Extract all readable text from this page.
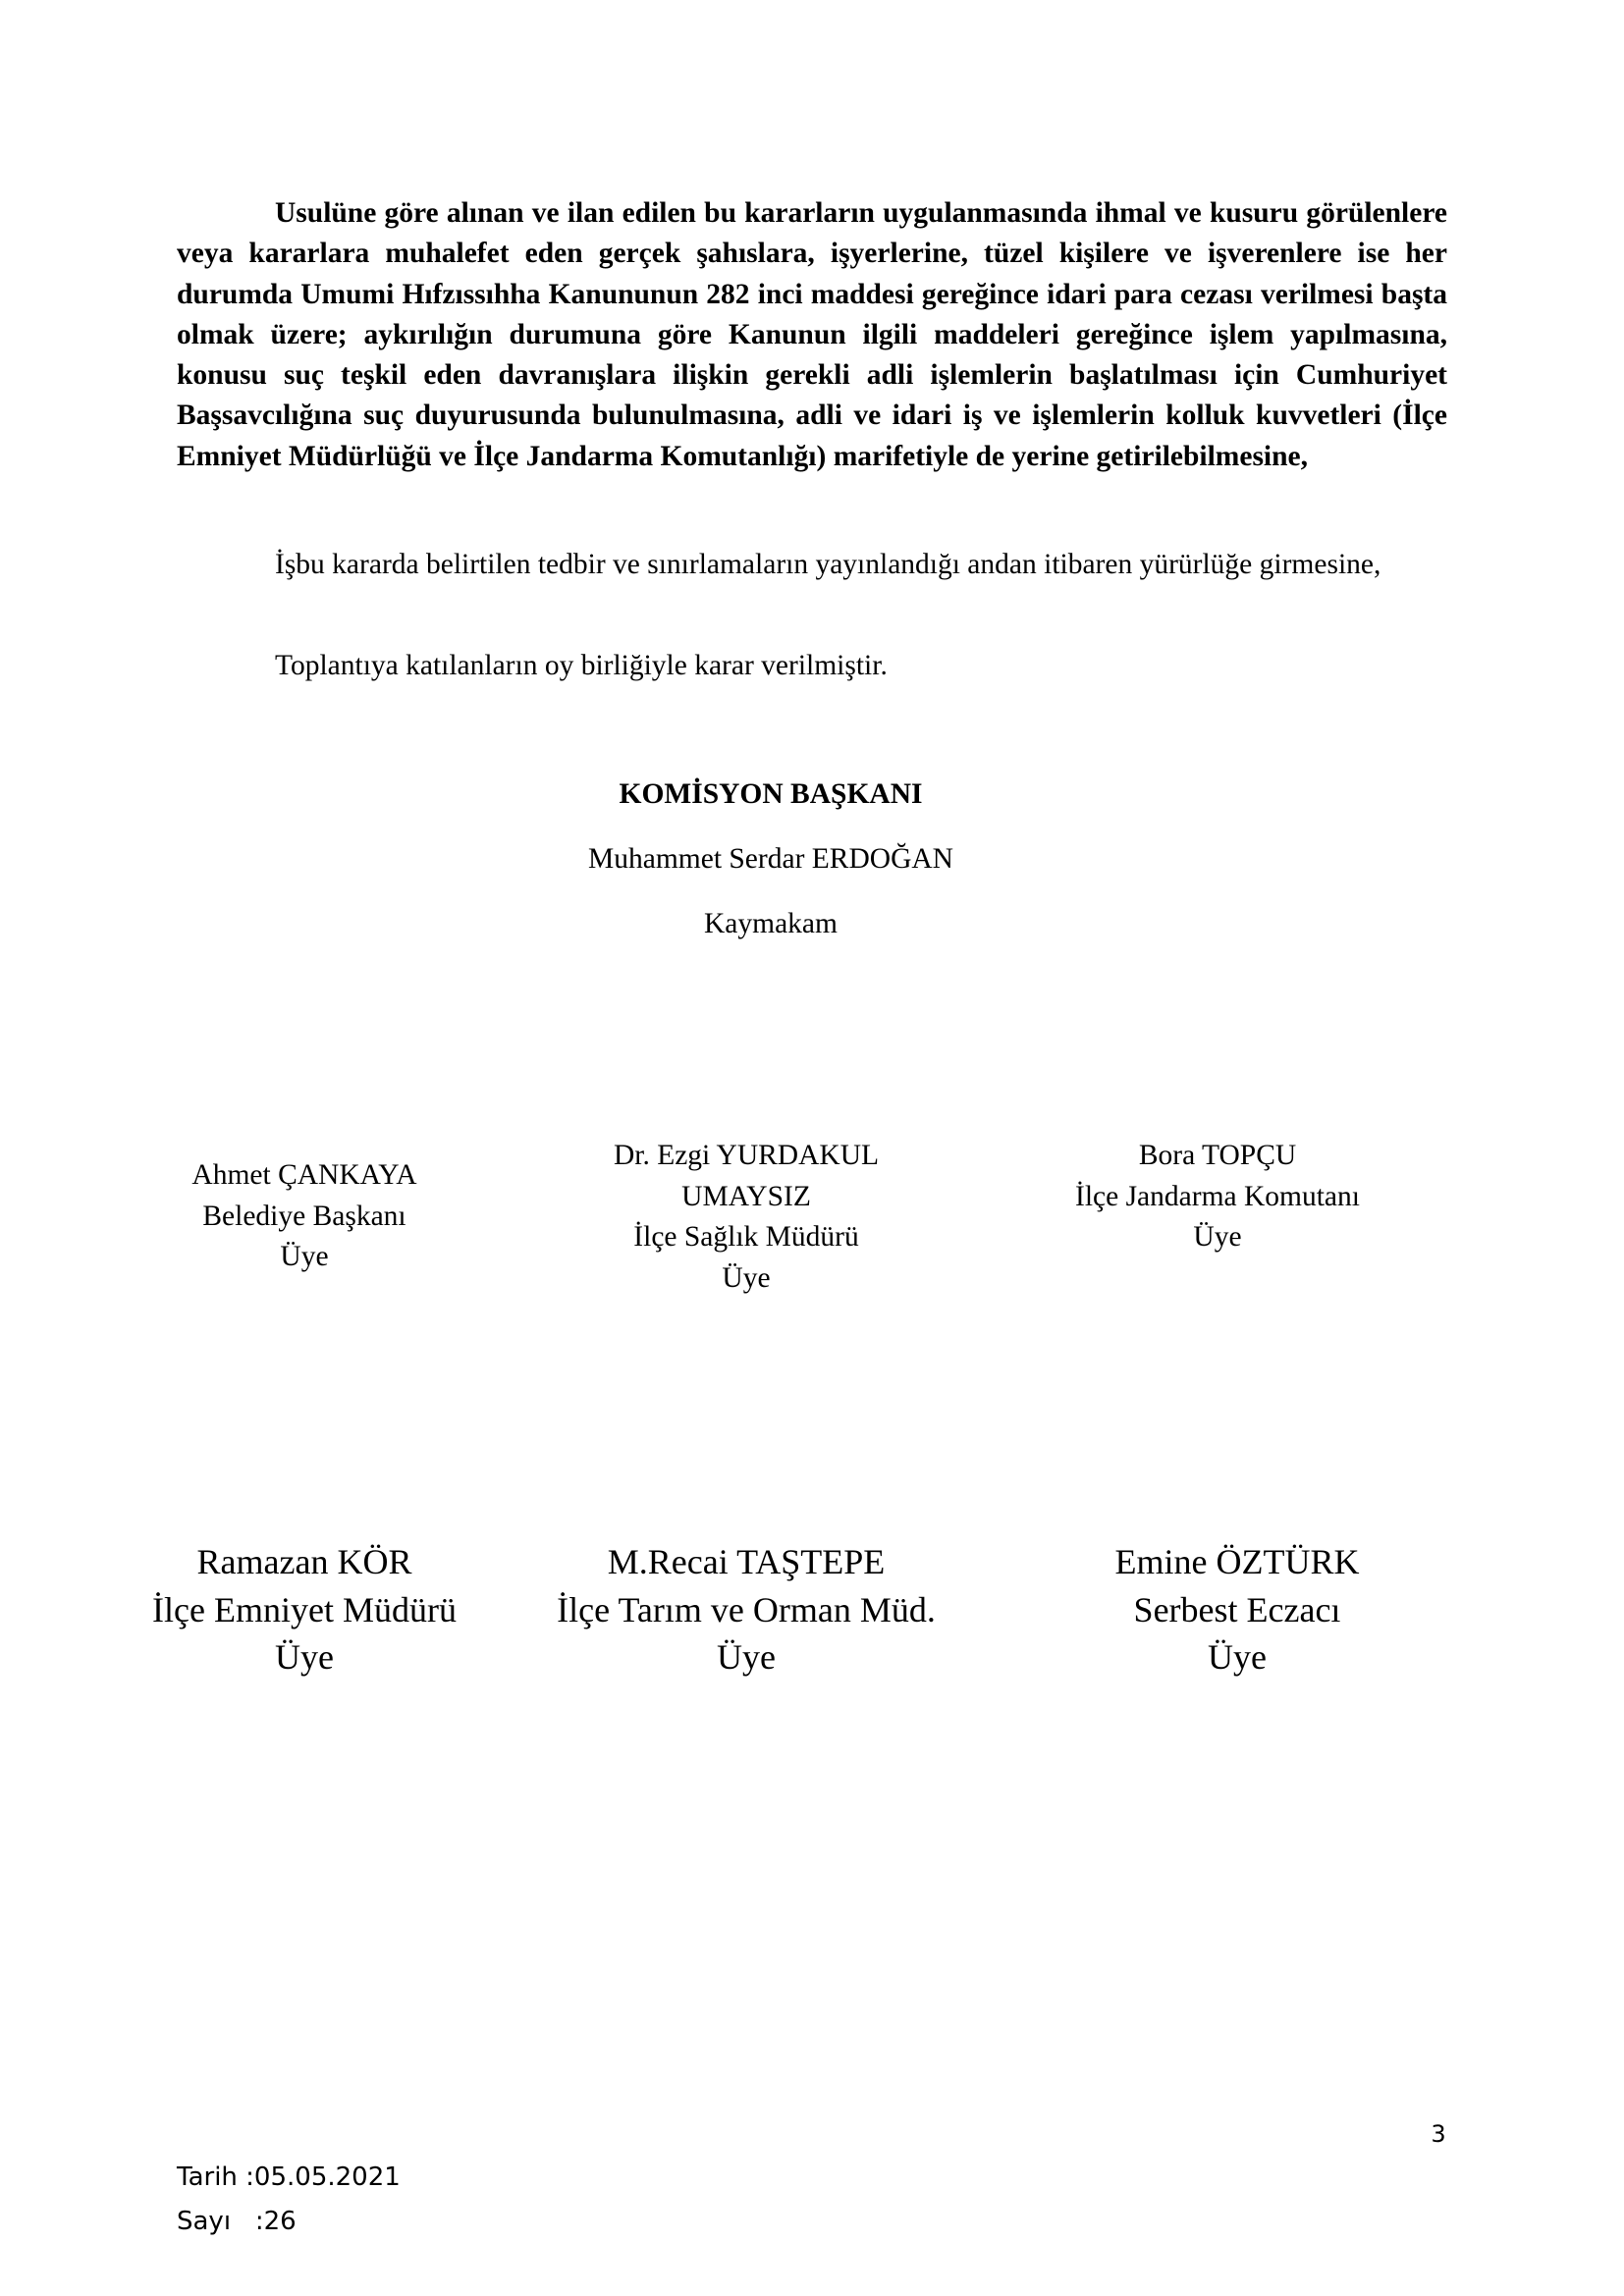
Usulüne göre alınan ve ilan edilen bu kararların uygulanmasında ihmal ve kusuru görülenlere veya kararlara muhalefet eden gerçek şahıslara, işyerlerine, tüzel kişilere ve işverenlere ise her durumda Umumi Hıfzıssıhha Kanununun 282 inci maddesi gereğince idari para cezası verilmesi başta olmak üzere; aykırılığın durumuna göre Kanunun ilgili maddeleri gereğince işlem yapılmasına, konusu suç teşkil eden davranışlara ilişkin gerekli adli işlemlerin başlatılması için Cumhuriyet Başsavcılığına suç duyurusunda bulunulmasına, adli ve idari iş ve işlemlerin kolluk kuvvetleri (İlçe Emniyet Müdürlüğü ve İlçe Jandarma Komutanlığı) marifetiyle de yerine getirilebilmesine,

İşbu kararda belirtilen tedbir ve sınırlamaların yayınlandığı andan itibaren yürürlüğe girmesine,

Toplantıya katılanların oy birliğiyle karar verilmiştir.

KOMİSYON BAŞKANI

Muhammet Serdar ERDOĞAN

Kaymakam

Ahmet ÇANKAYA
Belediye Başkanı
Üye
Dr. Ezgi YURDAKUL
UMAYSIZ
İlçe Sağlık Müdürü
Üye
Bora TOPÇU
İlçe Jandarma Komutanı
Üye
Ramazan KÖR
İlçe Emniyet Müdürü
Üye
M.Recai TAŞTEPE
İlçe Tarım ve Orman Müd.
Üye
Emine ÖZTÜRK
Serbest Eczacı
Üye
3
Tarih :05.05.2021
Sayı   :26
